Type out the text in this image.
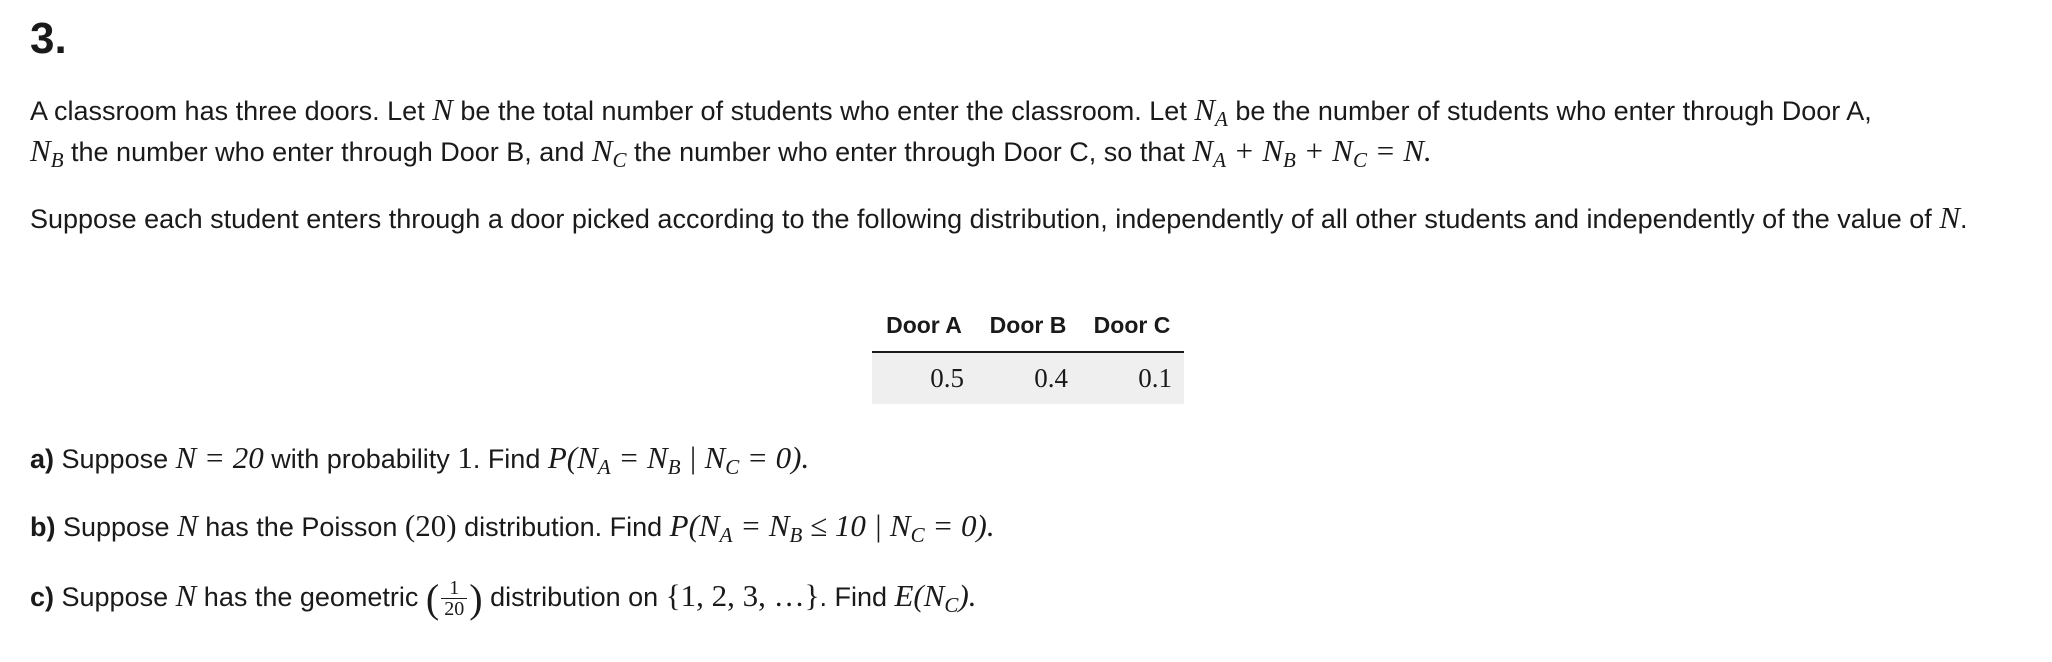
3.
A classroom has three doors. Let N be the total number of students who enter the classroom. Let $N_A$ be the number of students who enter through Door A,
$N_B$ the number who enter through Door B, and $N_C$ the number who enter through Door C, so that $N_A + N_B + N_C = N$.
Suppose each student enters through a door picked according to the following distribution, independently of all other students and independently of the value of N.
Door A	Door B	Door C
0.5	0.4	0.1
a) Suppose N = 20 with probability 1. Find $P(N_A = N_B$ | $N_C = 0$).
b) Suppose N has the Poisson (20) distribution. Find $P(N_A = N_B \le 10$ | $N_C = 0$).
c) Suppose N has the geometric ( $\frac{1}{20}$ ) distribution on {1, 2, 3, …}. Find $E(N_C)$.
